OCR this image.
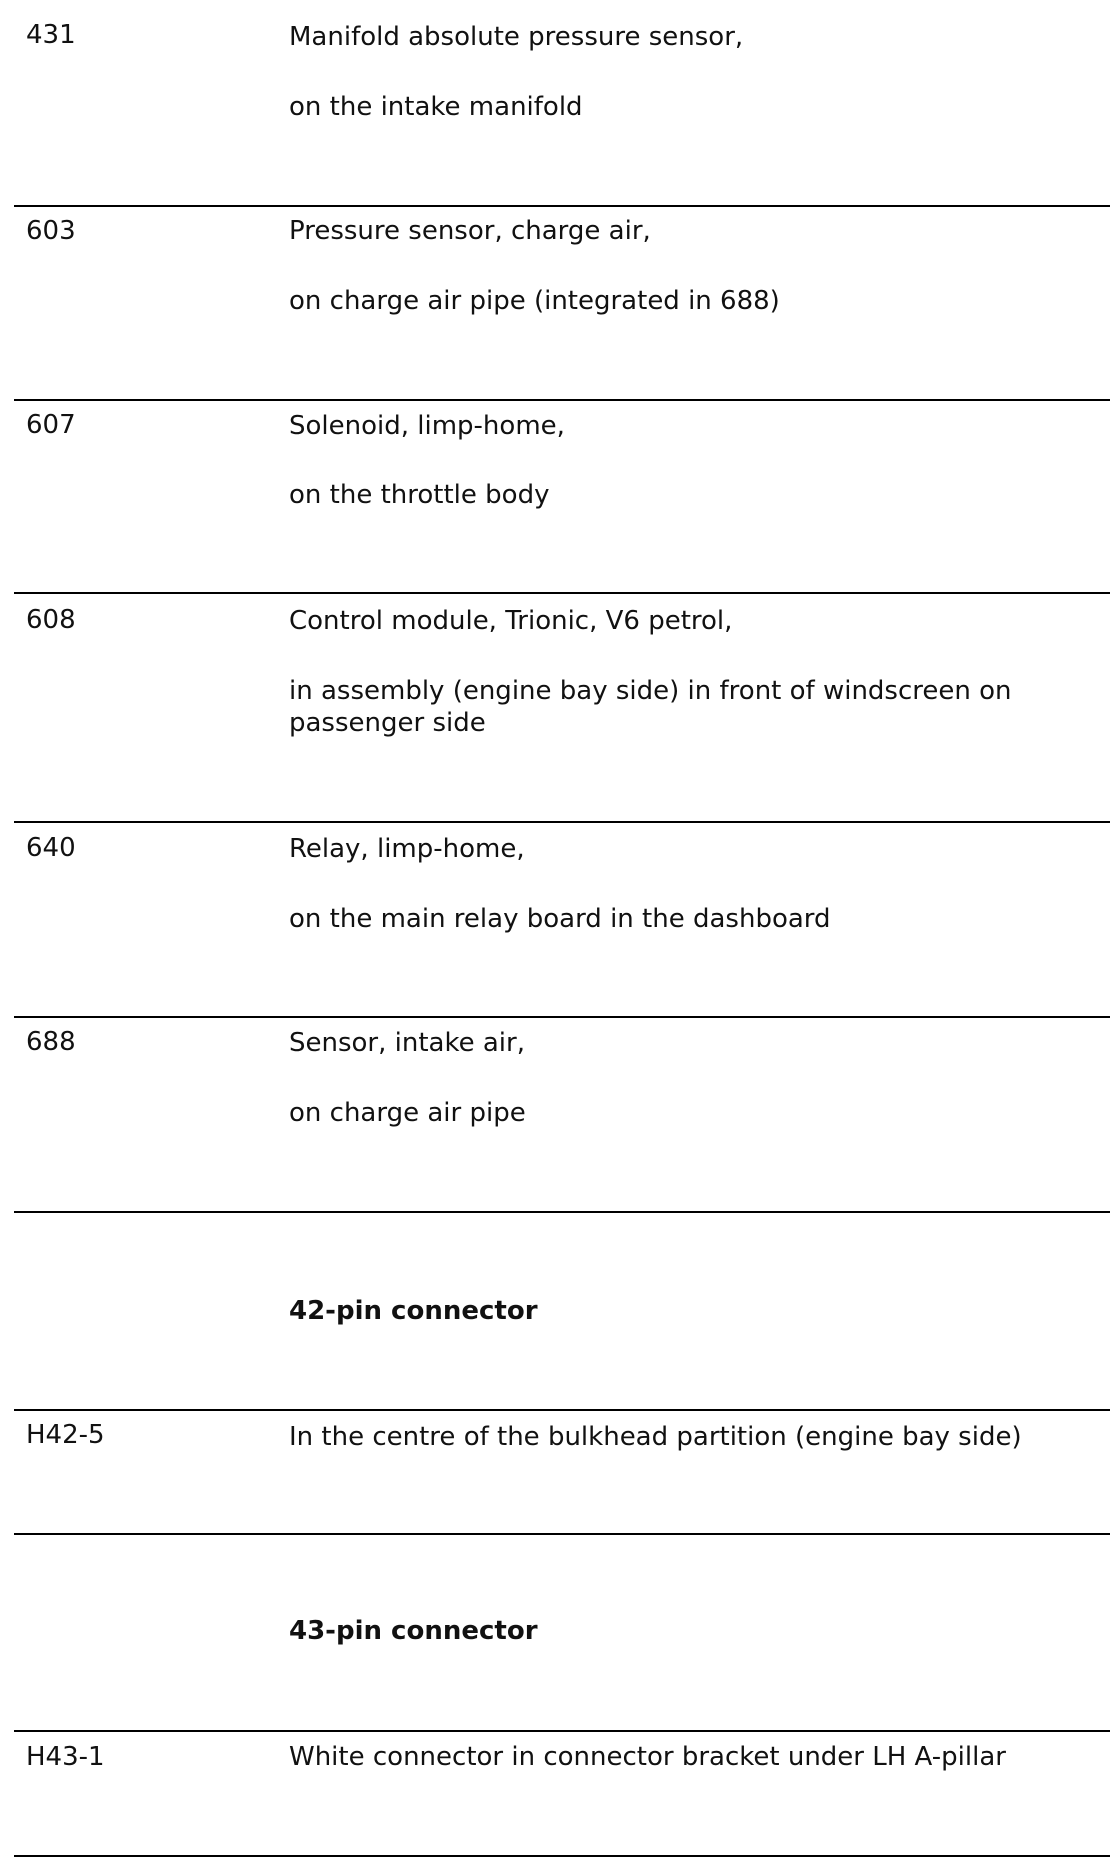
431	Manifold absolute pressure sensor,
on the intake manifold
603	Pressure sensor, charge air,
on charge air pipe (integrated in 688)
607	Solenoid, limp-home,
on the throttle body
608	Control module, Trionic, V6 petrol,
in assembly (engine bay side) in front of windscreen on passenger side
640	Relay, limp-home,
on the main relay board in the dashboard
688	Sensor, intake air,
on charge air pipe
42-pin connector
H42-5	In the centre of the bulkhead partition (engine bay side)
43-pin connector
H43-1	White connector in connector bracket under LH A-pillar
